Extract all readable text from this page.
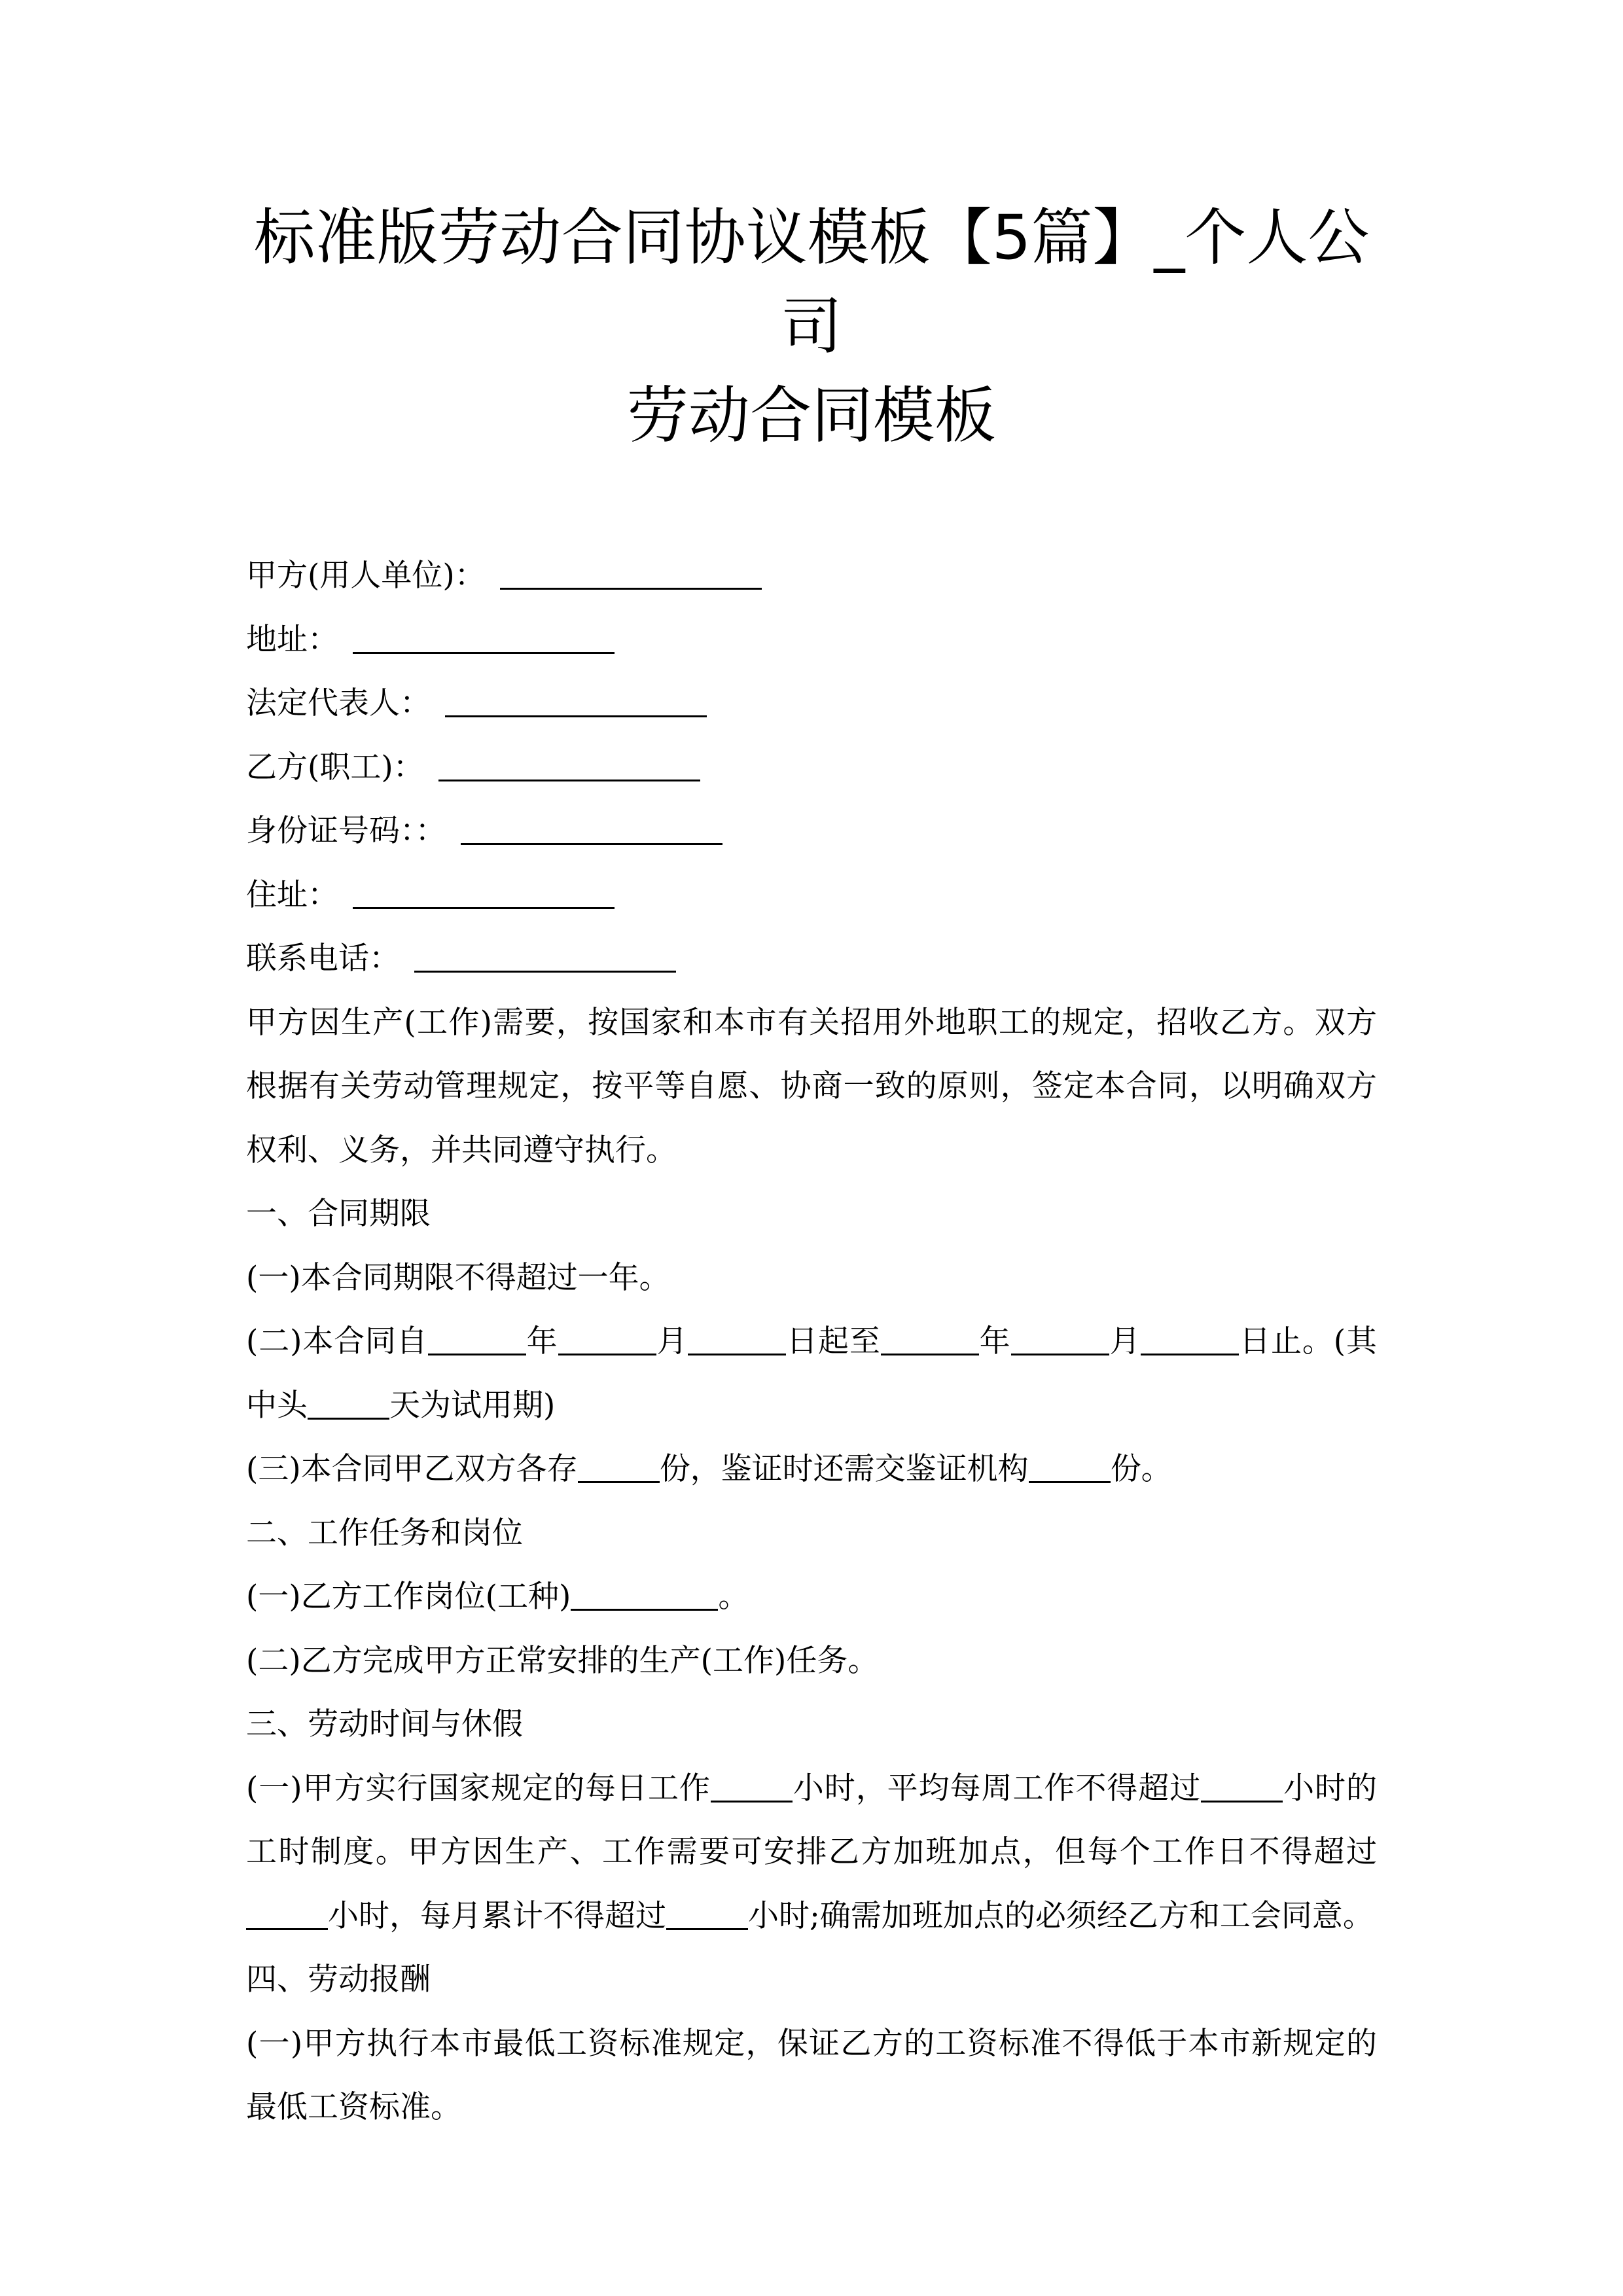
标准版劳动合同协议模板【5篇】_个人公司
劳动合同模板

甲方(用人单位)：

地址：

法定代表人：

乙方(职工)：

身份证号码：：

住址：

联系电话：

甲方因生产(工作)需要，按国家和本市有关招用外地职工的规定，招收乙方。双方根据有关劳动管理规定，按平等自愿、协商一致的原则，签定本合同，以明确双方权利、义务，并共同遵守执行。

一、合同期限

(一)本合同期限不得超过一年。

(二)本合同自	年	月	日起至	年	月	日止。(其中头	天为试用期)

(三)本合同甲乙双方各存	份，鉴证时还需交鉴证机构	份。

二、工作任务和岗位

(一)乙方工作岗位(工种)	。

(二)乙方完成甲方正常安排的生产(工作)任务。

三、劳动时间与休假

(一)甲方实行国家规定的每日工作	小时，平均每周工作不得超过	小时的工时制度。甲方因生产、工作需要可安排乙方加班加点，但每个工作日不得超过小时，每月累计不得超过	小时;确需加班加点的必须经乙方和工会同意。

四、劳动报酬

(一)甲方执行本市最低工资标准规定，保证乙方的工资标准不得低于本市新规定的最低工资标准。
